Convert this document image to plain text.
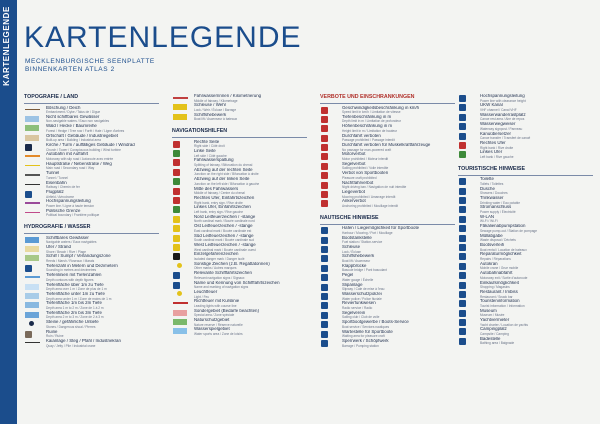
KARTENLEGENDE KARTENLEGENDE
MECKLENBURGISCHE SEENPLATTE
BINNENKARTEN ATLAS 2
TOPOGRAFIE / LAND
Böschung / Deich
Embankment / Dyke / Talus de / Digue
Nicht schiffbares Gewässer
Non-navigable waters / Eaux non navigables
Wald / Hecke / Baumreihe
Forest / Hedge / Tree row / Forêt / Haie / Ligne d'arbres
Ortschaft / Gebäude / Industriegebiet
Built-up area / Building / Industrial area
Kirche / Turm / auffälliges Gebäude / Windrad
Church / Tower / Conspicuous building / Wind turbine
Autobahn mit Auffahrt
Motorway with slip road / Autoroute avec entrée
Hauptstraße / Nebenstraße / Weg
Main road / Secondary road / Way
Tunnel
Tunnel / Tunnel
Eisenbahn
Railway / Chemin de fer
Flugplatz
Airfield / Aérodrome
Hochspannungsleitung
Power line / Ligne à haute tension
Politische Grenze
Political boundary / Frontière politique
HYDROGRAFIE / WASSER
Schiffbares Gewässer
Navigable waters / Eaux navigables
Ufer / Strand
Shore / Beach / Rive / Plage
Schilf / Sumpf / Verlandungszone
Reeds / Marsh / Roseaux / Marais
Tiefenzahl in Metern und Dezimetern
Sounding in metres and decimetres
Tiefenlinien mit Tiefenzahlen
Depth contours with depth figures
Tiefenfläche über 1m zu Tiefe
Depth area over 1 m / Zone de plus de 1 m
Tiefenfläche unter 1m zu Tiefe
Depth area under 1 m / Zone de moins de 1 m
Tiefenfläche 1m bis 2m Tiefe
Depth area 1 m to 2 m / Zone de 1 à 2 m
Tiefenfläche 2m bis 3m Tiefe
Depth area 2 m to 3 m / Zone de 2 à 3 m
Steine / gefährliche Untiefe
Stones / Dangerous shoal / Pierres
Ruine
Ruin / Ruine
Kaianlage / Steg / Pfahl / Industriekran
Quay / Jetty / Pile / Industrial crane
Fahrwasserrinnen / Kilometrierung
Middle of fairway / Kilometrage
Schleuse / Wehr
Lock / Weir / Écluse / Barrage
Schiffshebewerk
Boat lift / Ascenseur à bateaux
NAVIGATIONSHILFEN
Rechte Seite
Right side / Côté droit
Linke Seite
Left side / Côté gauche
Fahrwasserspaltung
Splitting of fairway / Bifurcation du chenal
Abzweig auf der rechten Seite
Junction on the right side / Bifurcation à droite
Abzweig auf der linken Seite
Junction on the left side / Bifurcation à gauche
Mitte des Fahrwassers
Middle of fairway / Centre du chenal
Rechtes Ufer, Einfahrtszeichen
Right bank, entry sign / Rive droite
Linkes Ufer, Einfahrtszeichen
Left bank, entry sign / Rive gauche
Nord Leitfeuerzeichen / -stange
North cardinal mark / Bouée cardinale nord
Ost Leitfeuerzeichen / -stange
East cardinal mark / Bouée cardinale est
Süd Leitfeuerzeichen / -stange
South cardinal mark / Bouée cardinale sud
West Leitfeuerzeichen / -stange
West cardinal mark / Bouée cardinale ouest
Einzelgefahrenzeichen
Isolated danger mark / Danger isolé
Sonstige Zeichen (z.B. Regattatonnen)
Other marks / Autres marques
Relevante Schifffahrtszeichen
Relevant navigation signs / Signaux
Name und Kennung von Schifffahrtszeichen
Name and marking of navigation signs
Leuchtfeuer
Light / Feu
Richtfeuer mit Kurslinie
Leading lights with course line
Sondergebiet (Bedarfe beachten)
Special area / Zone spéciale
Naturschutzgebiet
Nature reserve / Réserve naturelle
Wasserspielgebiet
Water sports area / Zone de loisirs
VERBOTE UND EINSCHRÄNKUNGEN
Geschwindigkeitsbeschränkung in km/h
Speed limit in km/h / Limitation de vitesse
Tiefenbeschränkung in m
Depth limit in m / Limitation de profondeur
Höhenbeschränkung in m
Height limit in m / Limitation de hauteur
Durchfahrt verboten
Passage prohibited / Passage interdit
Durchfahrt verboten für Muskelkraftfahrzeuge
No passage for man-powered craft
Motorverbot
Motor prohibited / Moteur interdit
Segelverbot
Sailing prohibited / Voile interdite
Verbot von Sportbooten
Pleasure craft prohibited
Nachtfahrverbot
Night driving ban / Navigation de nuit interdite
Liegeverbot
Mooring prohibited / Amarrage interdit
Ankerverbot
Anchoring prohibited / Mouillage interdit
NAUTISCHE HINWEISE
Hafen / Liegemöglichkeit für Sportboote
Harbour / Mooring / Port / Mouillage
Bootstankstelle
Fuel station / Station-service
Schleuse
Lock / Écluse
Schiffshebewerk
Boat lift / Ascenseur
Klappbrücke
Bascule bridge / Pont basculant
Pegel
Water gauge / Échelle
Slipanlage
Slipway / Cale de mise à l'eau
Wasserschutzpolizei
Water police / Police fluviale
Revierfunkwesen
Radio service / Radio
Segelverein
Sailing club / Club de voile
Sportbootgewerbe / Boots-Service
Boat service / Services nautiques
Wartestelle für Sportboote
Waiting area for pleasure craft
Sperrwerk / Schöpfwerk
Barrage / Pumping station
Hochspannungsleitung
Power line with clearance height
UKW Kanal
VHF channel / Canal VHF
Wasserwanderrastplatz
Canoe rest area / Aire de repos
Wasserwegweiser
Waterway signpost / Panneau
Kanuübersetzer
Canoe transfer / Transfert de canoë
Rechtes Ufer
Right bank / Rive droite
Linkes Ufer
Left bank / Rive gauche
TOURISTISCHE HINWEISE
Toilette
Toilets / Toilettes
Dusche
Showers / Douches
Trinkwasser
Drinking water / Eau potable
Stromanschluss
Power supply / Électricité
W-LAN
Wi-Fi / Wi-Fi
Fäkalienabpumpstation
Sewage pump-out / Station de pompage
Müllabgabe
Waste disposal / Déchets
Bootsverleih
Boat rental / Location de bateaux
Reparaturmöglichkeit
Repairs / Réparations
Autokran
Mobile crane / Grue mobile
Autobahnabfahrt
Motorway exit / Sortie d'autoroute
Einkaufsmöglichkeit
Shopping / Magasins
Restaurant / Imbiss
Restaurant / Snack bar
Touristeninformation
Tourist information / Information
Museum
Museum / Musée
Yachtvermieter
Yacht charter / Location de yachts
Campingplatz
Campsite / Camping
Badestelle
Bathing area / Baignade
